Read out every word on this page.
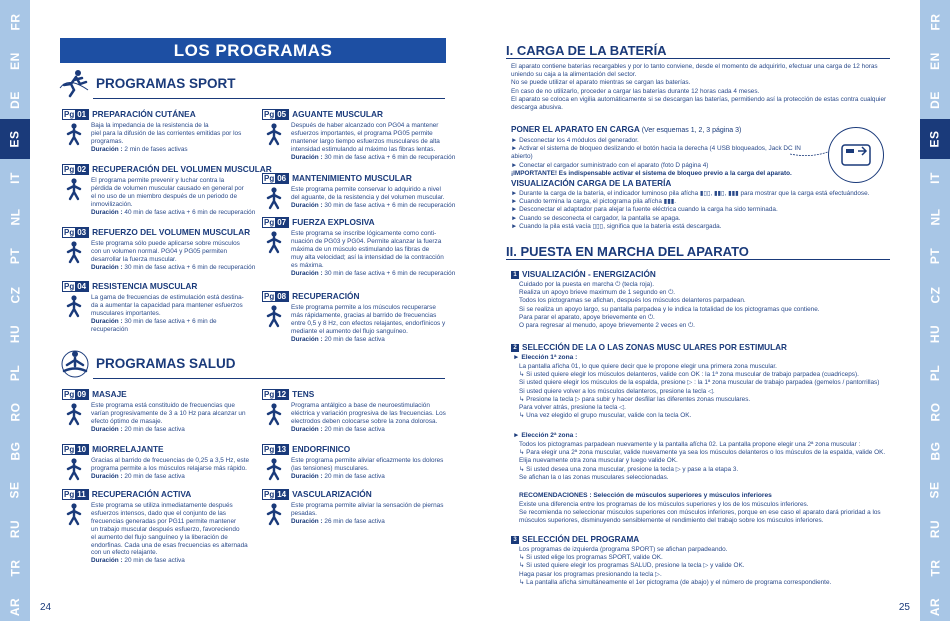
FR
EN
DE
ES
IT
NL
PT
CZ
HU
PL
RO
BG
SE
RU
TR
AR
FR
EN
DE
ES
IT
NL
PT
CZ
HU
PL
RO
BG
SE
RU
TR
AR
24	25
LOS PROGRAMAS
PROGRAMAS SPORT
Pg 01 PREPARACIÓN CUTÁNEA
Baja la impedancia de la resistencia de la
piel para la difusión de las corrientes emitidas por los
programas.
Duración : 2 min de fases activas
Pg 02 RECUPERACIÓN DEL VOLUMEN MUSCULAR
El programa permite prevenir y luchar contra la
pérdida de volumen muscular causado en general por
el no uso de un miembro después de un periodo de
inmovilización.
Duración : 40 min de fase activa + 6 min de recuperación
Pg 03 REFUERZO DEL VOLUMEN MUSCULAR
Este programa sólo puede aplicarse sobre músculos
con un volumen normal. PG04 y PG05 permiten
desarrollar la fuerza muscular.
Duración : 30 min de fase activa + 6 min de recuperación
Pg 04 RESISTENCIA MUSCULAR
La gama de frecuencias de estimulación está destina-
da a aumentar la capacidad para mantener esfuerzos
musculares importantes.
Duración : 30 min de fase activa + 6 min de
recuperación
Pg 05 AGUANTE MUSCULAR
Después de haber alcanzado con PG04 a mantener
esfuerzos importantes, el programa PG05 permite
mantener largo tiempo esfuerzos musculares de alta
intensidad estimulando al máximo las fibras lentas.
Duración : 30 min de fase activa + 6 min de recuperación
Pg 06 MANTENIMIENTO MUSCULAR
Este programa permite conservar lo adquirido a nivel
del aguante, de la resistencia y del volumen muscular.
Duración : 30 min de fase activa + 6 min de recuperación
Pg 07 FUERZA EXPLOSIVA
Este programa se inscribe lógicamente como conti-
nuación de PG03 y PG04. Permite alcanzar la fuerza
máxima de un músculo estimulando las fibras de
muy alta velocidad; así la intensidad de la contracción
es máxima.
Duración : 30 min de fase activa + 6 min de recuperación
Pg 08 RECUPERACIÓN
Este programa permite a los músculos recuperarse
más rápidamente, gracias al barrido de frecuencias
entre 0,5 y 8 Hz, con efectos relajantes, endorfínicos y
mediante el aumento del flujo sanguíneo.
Duración : 20 min de fase activa
PROGRAMAS SALUD
Pg 09 MASAJE
Este programa está constituido de frecuencias que
varían progresivamente de 3 a 10 Hz para alcanzar un
efecto óptimo de masaje.
Duración : 20 min de fase activa
Pg 10 MIORRELAJANTE
Gracias al barrido de frecuencias de 0,25 a 3,5 Hz, este
programa permite a los músculos relajarse más rápido.
Duración : 20 min de fase activa
Pg 11 RECUPERACIÓN ACTIVA
Este programa se utiliza inmediatamente después
esfuerzos intensos, dado que el conjunto de las
frecuencias generadas por PG11 permite mantener
un trabajo muscular después esfuerzo, favoreciendo
el aumento del flujo sanguíneo y la liberación de
endorfinas. Cada una de esas frecuencias es alternada
con un efecto relajante.
Duración : 20 min de fase activa
Pg 12 TENS
Programa antálgico a base de neuroestimulación
eléctrica y variación progresiva de las frecuencias. Los
electrodos deben colocarse sobre la zona dolorosa.
Duración : 20 min de fase activa
Pg 13 ENDORFINICO
Este programa permite aliviar eficazmente los dolores
(las tensiones) musculares.
Duración : 20 min de fase activa
Pg 14 VASCULARIZACIÓN
Este programa permite aliviar la sensación de piernas
pesadas.
Duración : 26 min de fase activa
I. CARGA DE LA BATERÍA
El aparato contiene baterías recargables y por lo tanto conviene, desde el momento de adquirirlo, efectuar una carga de 12 horas
uniendo su caja a la alimentación del sector.
No se puede utilizar el aparato mientras se cargan las baterías.
En caso de no utilizarlo, proceder a cargar las baterías durante 12 horas cada 4 meses.
El aparato se coloca en vigilia automáticamente si se descargan las baterías, permitiendo así la protección de estas contra cualquier
descarga abusiva.
PONER EL APARATO EN CARGA (Ver esquemas 1, 2, 3 página 3)
► Desconectar los 4 módulos del generador.
► Activar el sistema de bloqueo deslizando el botón hacia la derecha (4 USB bloqueados, Jack DC IN abierto)
► Conectar el cargador suministrado con el aparato (foto D página 4)
¡IMPORTANTE! Es indispensable activar el sistema de bloqueo previo a la carga del aparato.
VISUALIZACIÓN CARGA DE LA BATERÍA
► Durante la carga de la batería, el indicador luminoso pila afícha ▮▯▯, ▮▮▯, ▮▮▮ para mostrar que la carga está efectuándose.
► Cuando termina la carga, el pictograma pila afícha ▮▮▮.
► Desconectar el adaptador para alejar la fuente eléctrica cuando la carga ha sido terminada.
► Cuando se desconecta el cargador, la pantalla se apaga.
► Cuando la pila está vacía ▯▯▯, significa que la batería está descargada.
II. PUESTA EN MARCHA DEL APARATO
1 VISUALIZACIÓN - ENERGIZACIÓN
Cuidado por la puesta en marcha ⏻ (tecla roja).
Realiza un apoyo brieve maximum de 1 segundo en ⏻.
Todos los pictogramas se afichan, después los músculos delanteros parpadean.
Si se realiza un apoyo largo, su pantalla parpadea y le indica la totalidad de los pictogramas que contiene.
Para parar el aparato, apoye brievemente en ⏻.
O para regresar al menudo, apoye brievemente 2 veces en ⏻.
2 SELECCIÓN DE LA O LAS ZONAS MUSC ULARES POR ESTIMULAR
► Elección 1ª zona :
La pantalla afícha 01, lo que quiere decir que le propone elegir una primera zona muscular.
↳ Si usted quiere elegir los músculos delanteros, valide con OK : la 1ª zona muscular de trabajo parpadea (cuadriceps).
Si usted quiere elegir los músculos de la espalda, presione ▷ : la 1ª zona muscular de trabajo parpadea (gemelos / pantorrillas)
Si usted quiere volver a los músculos delanteros, presione la tecla ◁.
↳ Presione la tecla ▷ para subir y hacer desfilar las diferentes zonas musculares.
Para volver atrás, presione la tecla ◁.
↳ Una vez elegido el grupo muscular, valide con la tecla OK.
► Elección 2ª zona :
Todos los pictogramas parpadean nuevamente y la pantalla afícha 02. La pantalla propone elegir una 2ª zona muscular :
↳ Para elegir una 2ª zona muscular, valide nuevamente ya sea los músculos delanteros o los músculos de la espalda, valide OK.
Elija nuevamente otra zona muscular y luego valide OK.
↳ Si usted desea una zona muscular, presione la tecla ▷ y pase a la etapa 3.
Se afichan la o las zonas musculares seleccionadas.
RECOMENDACIONES : Selección de músculos superiores y músculos inferiores
Existe una diferencia entre los programas de los músculos superiores y los de los músculos inferiores.
Se recomienda no seleccionar músculos superiores con músculos inferiores, porque en ese caso el aparato dará prioridad a los
músculos superiores, disminuyendo sensiblemente el rendimiento del trabajo sobre los músculos inferiores.
3 SELECCIÓN DEL PROGRAMA
Los programas de izquierda (programa SPORT) se afichan parpadeando.
↳ Si usted elige los programas SPORT, valide OK.
↳ Si usted quiere elegir los programas SALUD, presione la tecla ▷ y valide OK.
Haga pasar los programas presionando la tecla ▷.
↳ La pantalla afícha simultáneamente el 1er pictograma (de abajo) y el número de programa correspondiente.
